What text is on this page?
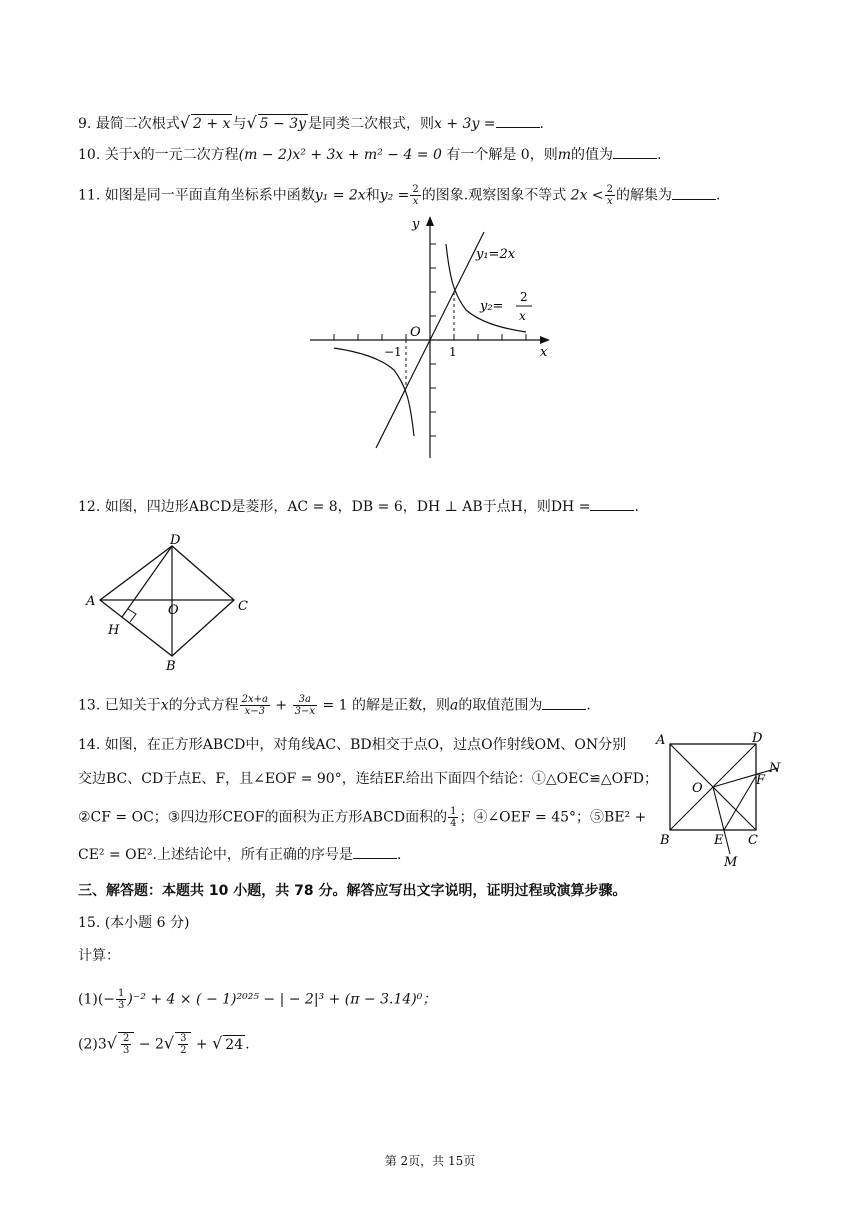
9. 最简二次根式√ 2 + x 与√ 5 − 3y 是同类二次根式，则x + 3y =	.
10. 关于x的一元二次方程(m − 2)x² + 3x + m² − 4 = 0 有一个解是 0，则m的值为	.
11. 如图是同一平面直角坐标系中函数y₁ = 2x和$y_2 = \frac{2}{x}$ 的图象.观察图象不等式 $2x < \frac{2}{x}$ 的解集为	.
y
x
O
−1	1
y₁=2x
y₂=
2
x
12. 如图，四边形ABCD是菱形，AC = 8，DB = 6，DH ⊥ AB于点H，则DH =	.
A
B
C
D
O
H
13. 已知关于x的分式方程 $\frac{2x+a}{x-3} + \frac{3a}{3-x} = 1$ 的解是正数，则a的取值范围为	.
14. 如图，在正方形ABCD中，对角线AC、BD相交于点O，过点O作射线OM、ON分别
交边BC、CD于点E、F，且∠EOF = 90°，连结EF.给出下面四个结论：①△OEC≌△OFD；
②CF = OC；③四边形CEOF的面积为正方形ABCD面积的 $\frac{1}{4}$ ；④∠OEF = 45°；⑤BE² +
CE² = OE².上述结论中，所有正确的序号是	.
A	D
B	C
O
E
F
M
N
三、解答题：本题共 10 小题，共 78 分。解答应写出文字说明，证明过程或演算步骤。
15. (本小题 6 分)
计算：
$(1)(- \frac{1}{3} )^{-2} + 4$ × ( − 1)²⁰²⁵ − | − 2|³ + (π − 3.14)⁰；
$(2)3√ \frac{2}{3} - 2√ \frac{3}{2}$ + √ 24 .
第 2页，共 15页
